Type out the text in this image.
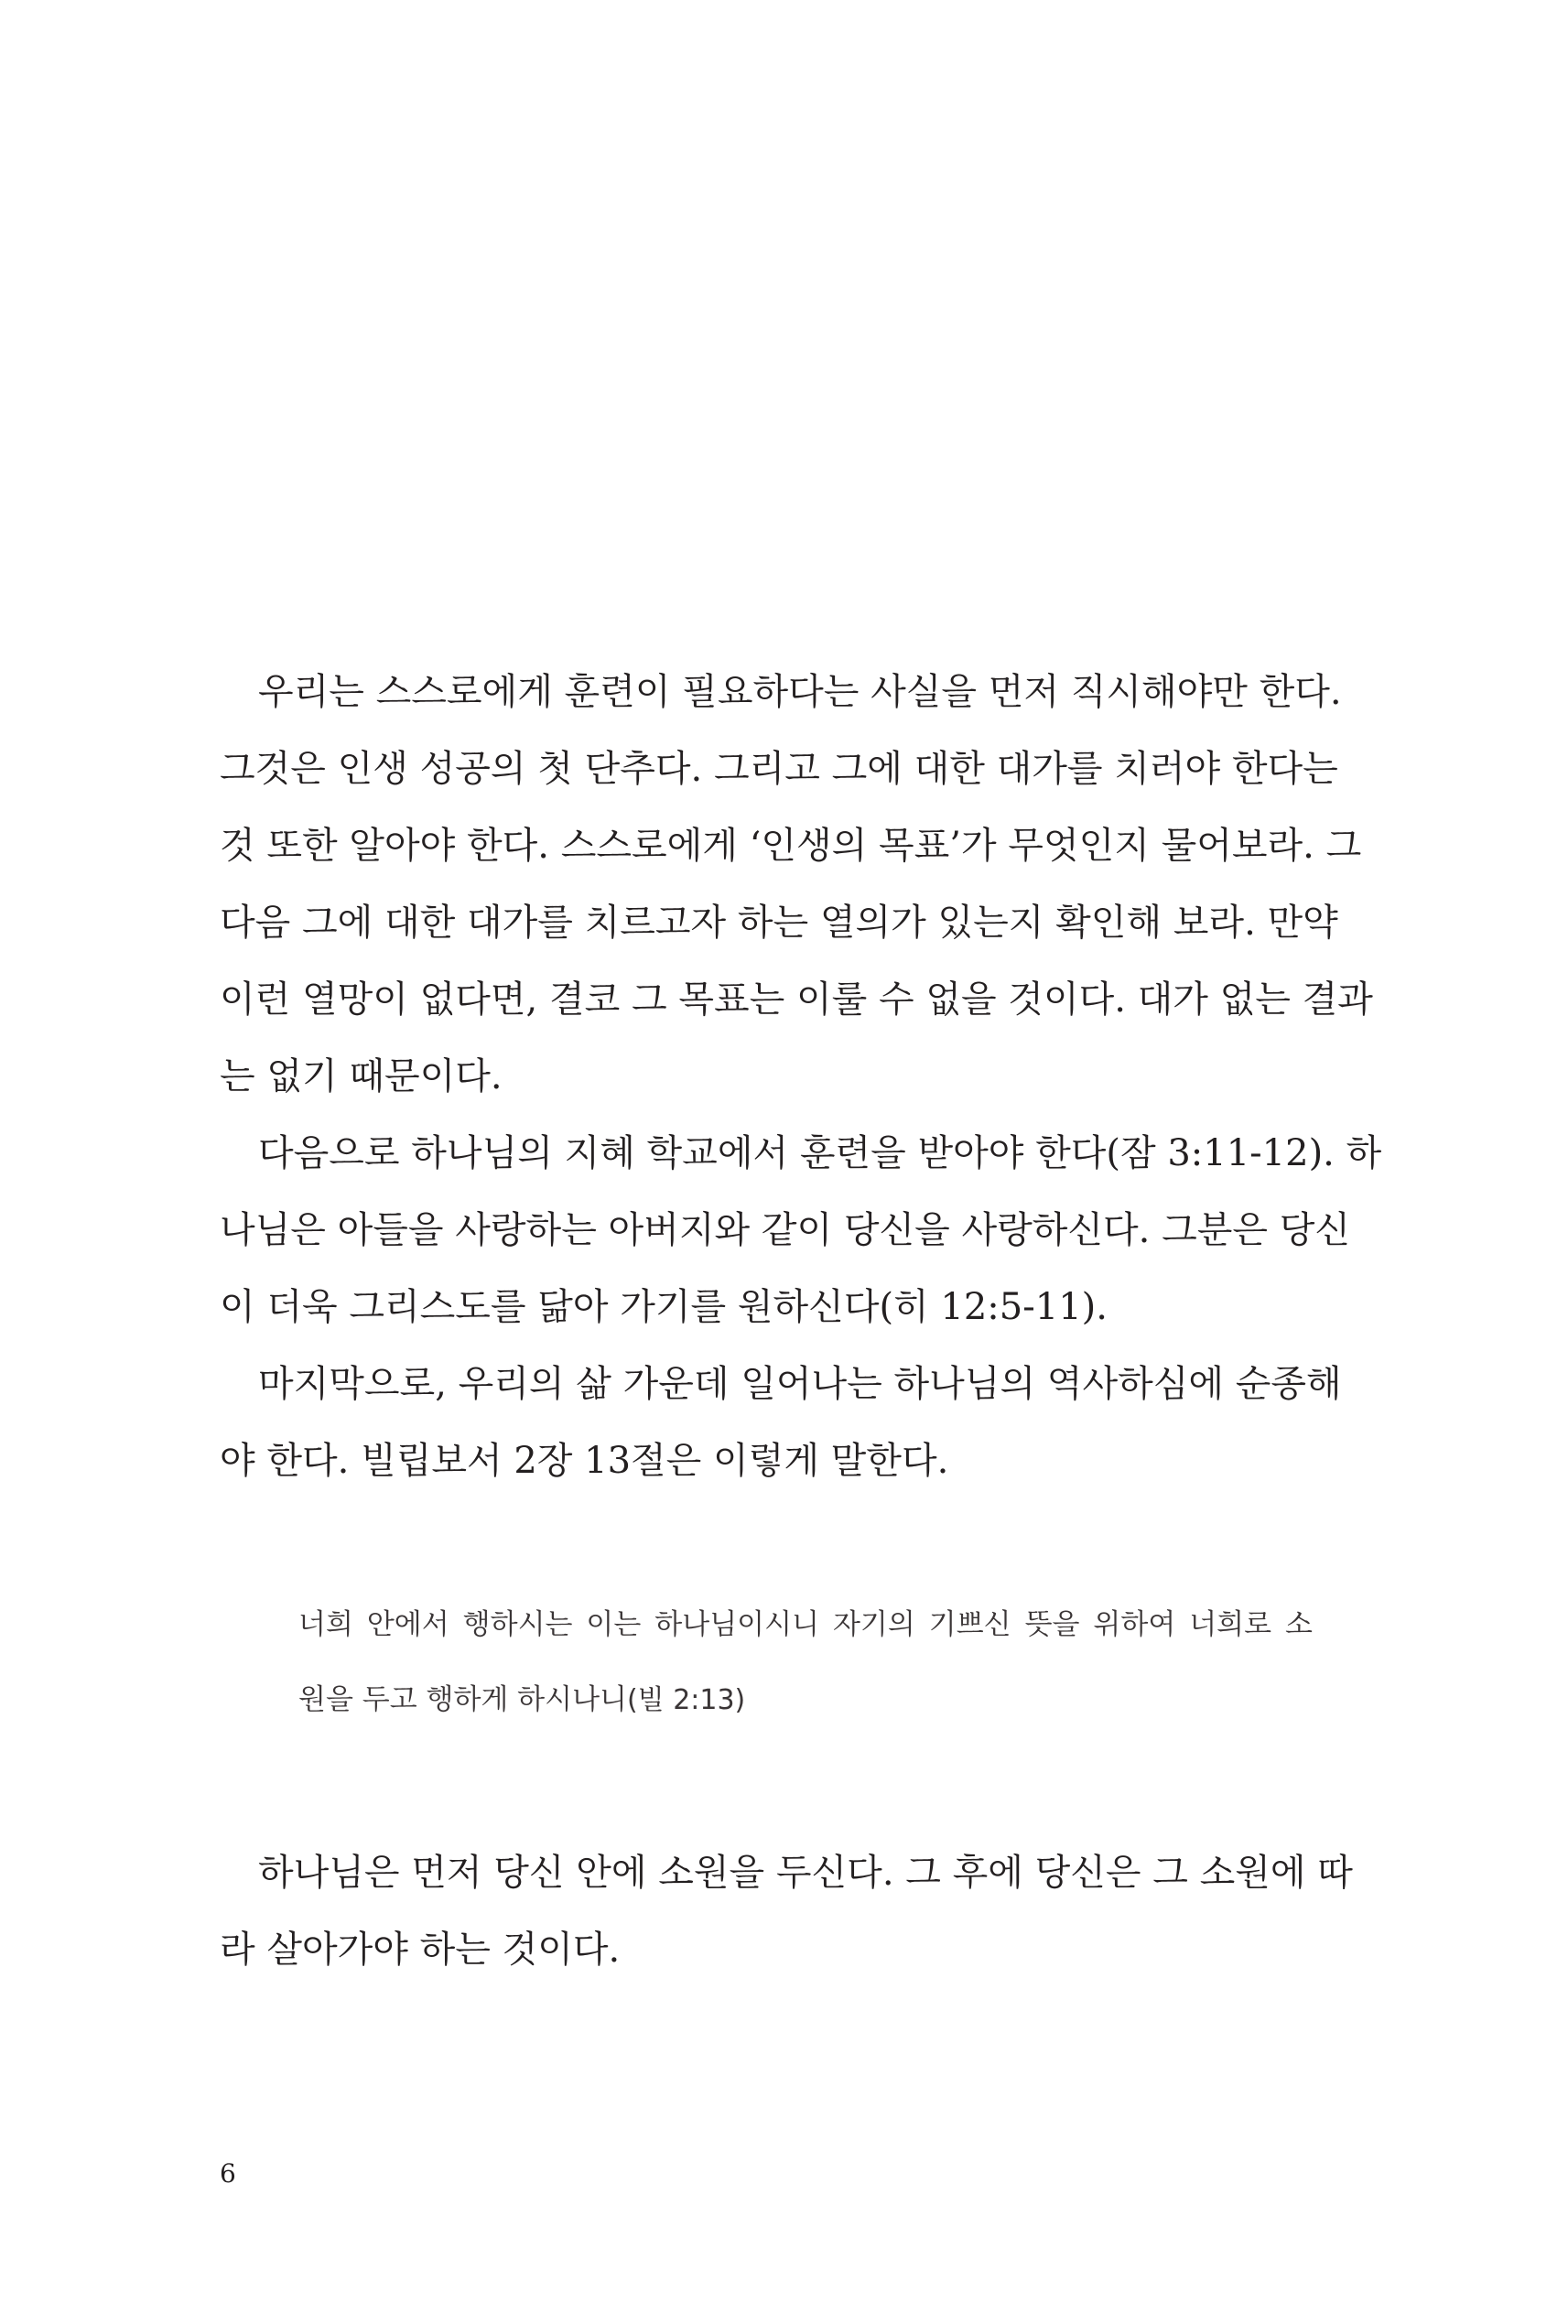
우리는 스스로에게 훈련이 필요하다는 사실을 먼저 직시해야만 한다.
그것은 인생 성공의 첫 단추다. 그리고 그에 대한 대가를 치러야 한다는
것 또한 알아야 한다. 스스로에게 ‘인생의 목표’가 무엇인지 물어보라. 그
다음 그에 대한 대가를 치르고자 하는 열의가 있는지 확인해 보라. 만약
이런 열망이 없다면, 결코 그 목표는 이룰 수 없을 것이다. 대가 없는 결과
는 없기 때문이다.
다음으로 하나님의 지혜 학교에서 훈련을 받아야 한다(잠 3:11-12). 하
나님은 아들을 사랑하는 아버지와 같이 당신을 사랑하신다. 그분은 당신
이 더욱 그리스도를 닮아 가기를 원하신다(히 12:5-11).
마지막으로, 우리의 삶 가운데 일어나는 하나님의 역사하심에 순종해
야 한다. 빌립보서 2장 13절은 이렇게 말한다.
너희 안에서 행하시는 이는 하나님이시니 자기의 기쁘신 뜻을 위하여 너희로 소
원을 두고 행하게 하시나니(빌 2:13)
하나님은 먼저 당신 안에 소원을 두신다. 그 후에 당신은 그 소원에 따
라 살아가야 하는 것이다.
6
